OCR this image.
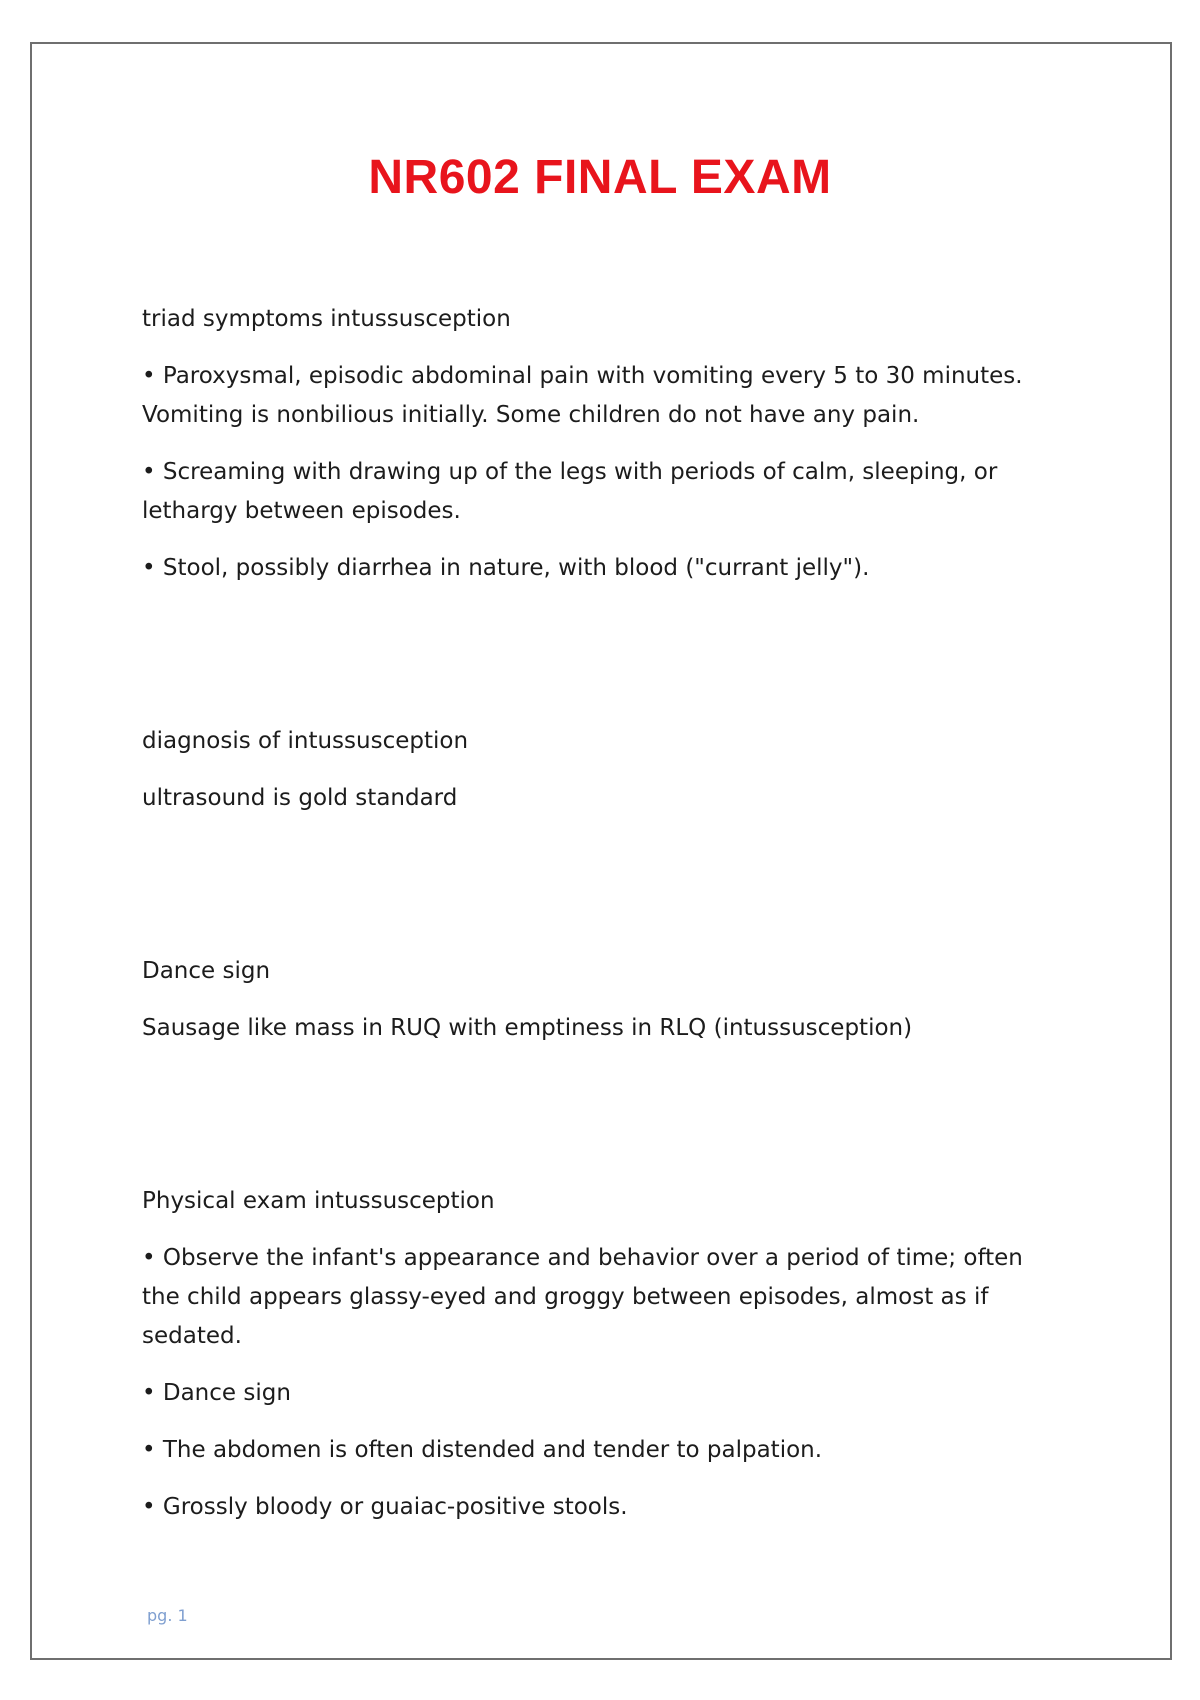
NR602 FINAL EXAM

triad symptoms intussusception

• Paroxysmal, episodic abdominal pain with vomiting every 5 to 30 minutes. Vomiting is nonbilious initially. Some children do not have any pain.

• Screaming with drawing up of the legs with periods of calm, sleeping, or lethargy between episodes.

• Stool, possibly diarrhea in nature, with blood ("currant jelly").

diagnosis of intussusception

ultrasound is gold standard

Dance sign

Sausage like mass in RUQ with emptiness in RLQ (intussusception)

Physical exam intussusception

• Observe the infant's appearance and behavior over a period of time; often the child appears glassy-eyed and groggy between episodes, almost as if sedated.

• Dance sign

• The abdomen is often distended and tender to palpation.

• Grossly bloody or guaiac-positive stools.

pg. 1
